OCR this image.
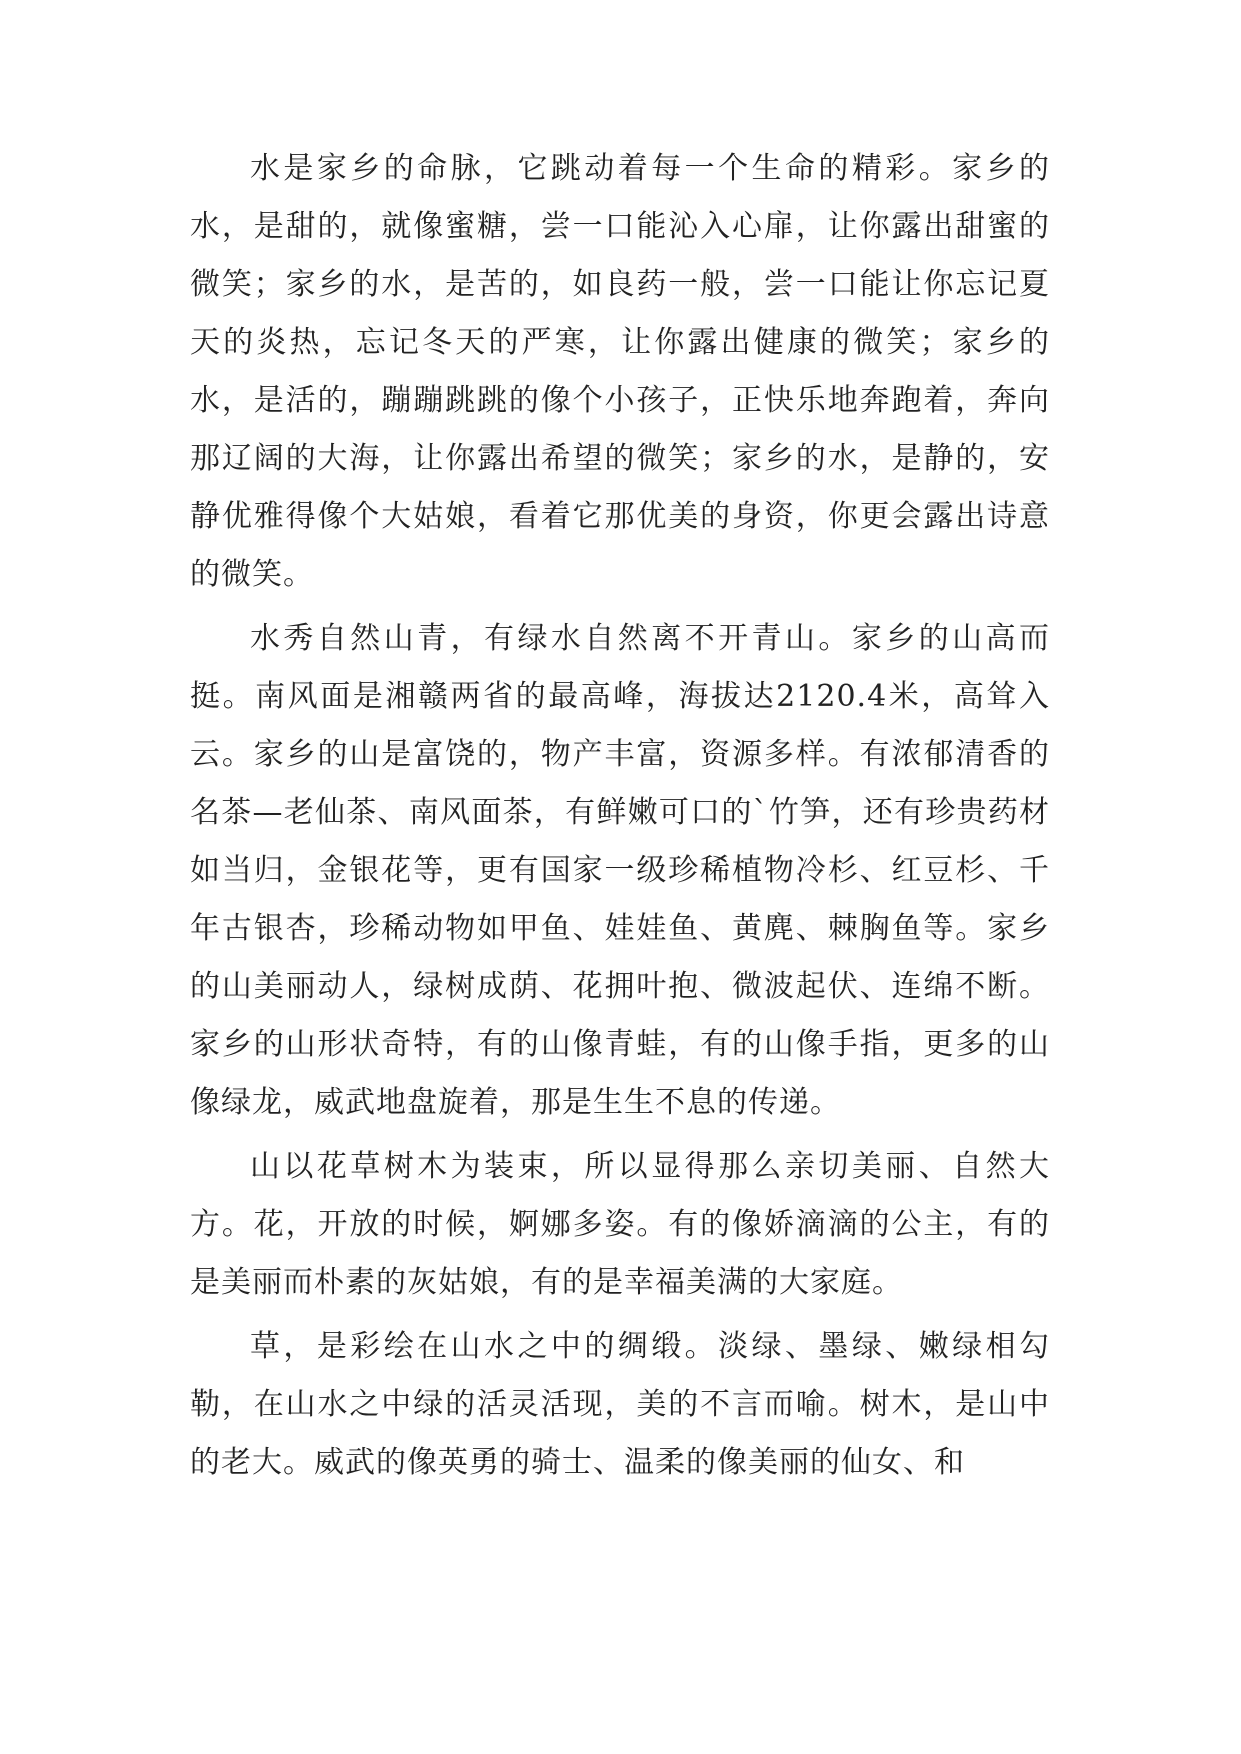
水是家乡的命脉，它跳动着每一个生命的精彩。家乡的水，是甜的，就像蜜糖，尝一口能沁入心扉，让你露出甜蜜的微笑；家乡的水，是苦的，如良药一般，尝一口能让你忘记夏天的炎热，忘记冬天的严寒，让你露出健康的微笑；家乡的水，是活的，蹦蹦跳跳的像个小孩子，正快乐地奔跑着，奔向那辽阔的大海，让你露出希望的微笑；家乡的水，是静的，安静优雅得像个大姑娘，看着它那优美的身资，你更会露出诗意的微笑。

水秀自然山青，有绿水自然离不开青山。家乡的山高而挺。南风面是湘赣两省的最高峰，海拔达2120.4米，高耸入云。家乡的山是富饶的，物产丰富，资源多样。有浓郁清香的名茶—老仙茶、南风面茶，有鲜嫩可口的`竹笋，还有珍贵药材如当归，金银花等，更有国家一级珍稀植物冷杉、红豆杉、千年古银杏，珍稀动物如甲鱼、娃娃鱼、黄麂、棘胸鱼等。家乡的山美丽动人，绿树成荫、花拥叶抱、微波起伏、连绵不断。家乡的山形状奇特，有的山像青蛙，有的山像手指，更多的山像绿龙，威武地盘旋着，那是生生不息的传递。

山以花草树木为装束，所以显得那么亲切美丽、自然大方。花，开放的时候，婀娜多姿。有的像娇滴滴的公主，有的是美丽而朴素的灰姑娘，有的是幸福美满的大家庭。

草，是彩绘在山水之中的绸缎。淡绿、墨绿、嫩绿相勾勒，在山水之中绿的活灵活现，美的不言而喻。树木，是山中的老大。威武的像英勇的骑士、温柔的像美丽的仙女、和
